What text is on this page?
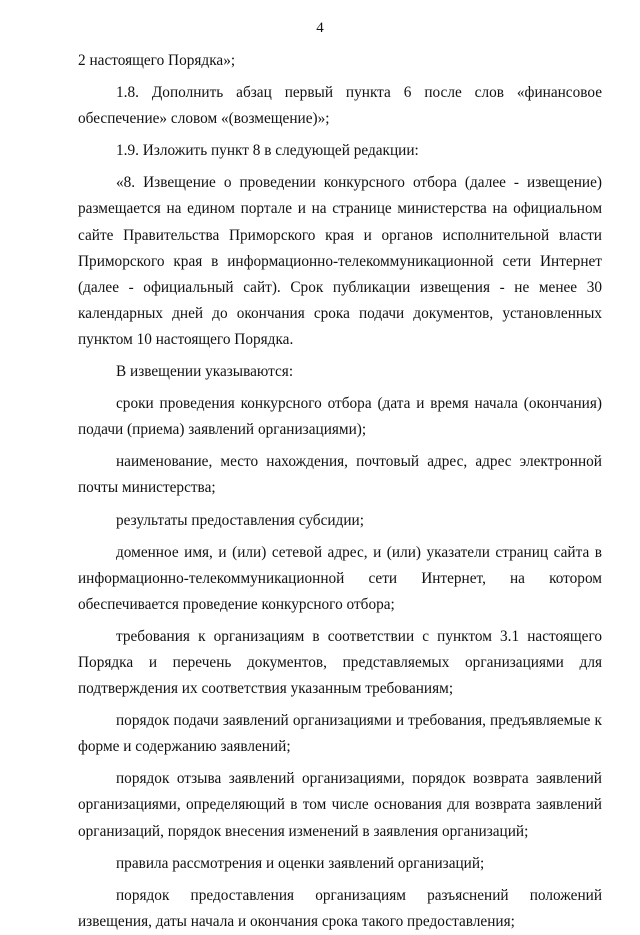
4

2 настоящего Порядка»;

1.8. Дополнить абзац первый пункта 6 после слов «финансовое обеспечение» словом «(возмещение)»;

1.9. Изложить пункт 8 в следующей редакции:

«8. Извещение о проведении конкурсного отбора (далее - извещение) размещается на едином портале и на странице министерства на официальном сайте Правительства Приморского края и органов исполнительной власти Приморского края в информационно-телекоммуникационной сети Интернет (далее - официальный сайт). Срок публикации извещения - не менее 30 календарных дней до окончания срока подачи документов, установленных пунктом 10 настоящего Порядка.

В извещении указываются:

сроки проведения конкурсного отбора (дата и время начала (окончания) подачи (приема) заявлений организациями);

наименование, место нахождения, почтовый адрес, адрес электронной почты министерства;

результаты предоставления субсидии;

доменное имя, и (или) сетевой адрес, и (или) указатели страниц сайта в информационно-телекоммуникационной сети Интернет, на котором обеспечивается проведение конкурсного отбора;

требования к организациям в соответствии с пунктом 3.1 настоящего Порядка и перечень документов, представляемых организациями для подтверждения их соответствия указанным требованиям;

порядок подачи заявлений организациями и требования, предъявляемые к форме и содержанию заявлений;

порядок отзыва заявлений организациями, порядок возврата заявлений организациями, определяющий в том числе основания для возврата заявлений организаций, порядок внесения изменений в заявления организаций;

правила рассмотрения и оценки заявлений организаций;

порядок предоставления организациям разъяснений положений извещения, даты начала и окончания срока такого предоставления;
